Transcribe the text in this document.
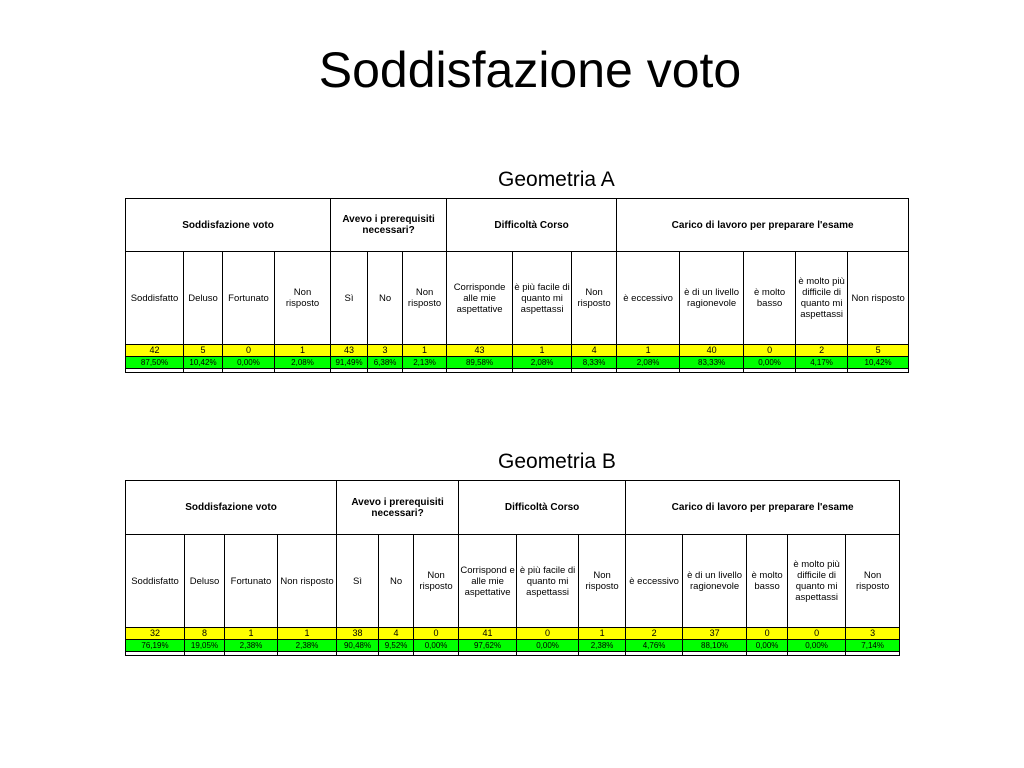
Soddisfazione voto
Geometria A
Soddisfazione voto				Avevo i prerequisiti necessari?			Difficoltà Corso			Carico di lavoro per preparare l'esame				
Soddisfatto	Deluso	Fortunato	Non risposto	Sì	No	Non risposto	Corrisponde alle mie aspettative	è più facile di quanto mi aspettassi	Non risposto	è eccessivo	è di un livello ragionevole	è molto basso	è molto più difficile di quanto mi aspettassi	Non risposto
42	5	0	1	43	3	1	43	1	4	1	40	0	2	5
87,50%	10,42%	0,00%	2,08%	91,49%	6,38%	2,13%	89,58%	2,08%	8,33%	2,08%	83,33%	0,00%	4,17%	10,42%

Geometria B
Soddisfazione voto				Avevo i prerequisiti necessari?			Difficoltà Corso			Carico di lavoro per preparare l'esame				
Soddisfatto	Deluso	Fortunato	Non risposto	Sì	No	Non risposto	Corrispond e alle mie aspettative	è più facile di quanto mi aspettassi	Non risposto	è eccessivo	è di un livello ragionevole	è molto basso	è molto più difficile di quanto mi aspettassi	Non risposto
32	8	1	1	38	4	0	41	0	1	2	37	0	0	3
76,19%	19,05%	2,38%	2,38%	90,48%	9,52%	0,00%	97,62%	0,00%	2,38%	4,76%	88,10%	0,00%	0,00%	7,14%
